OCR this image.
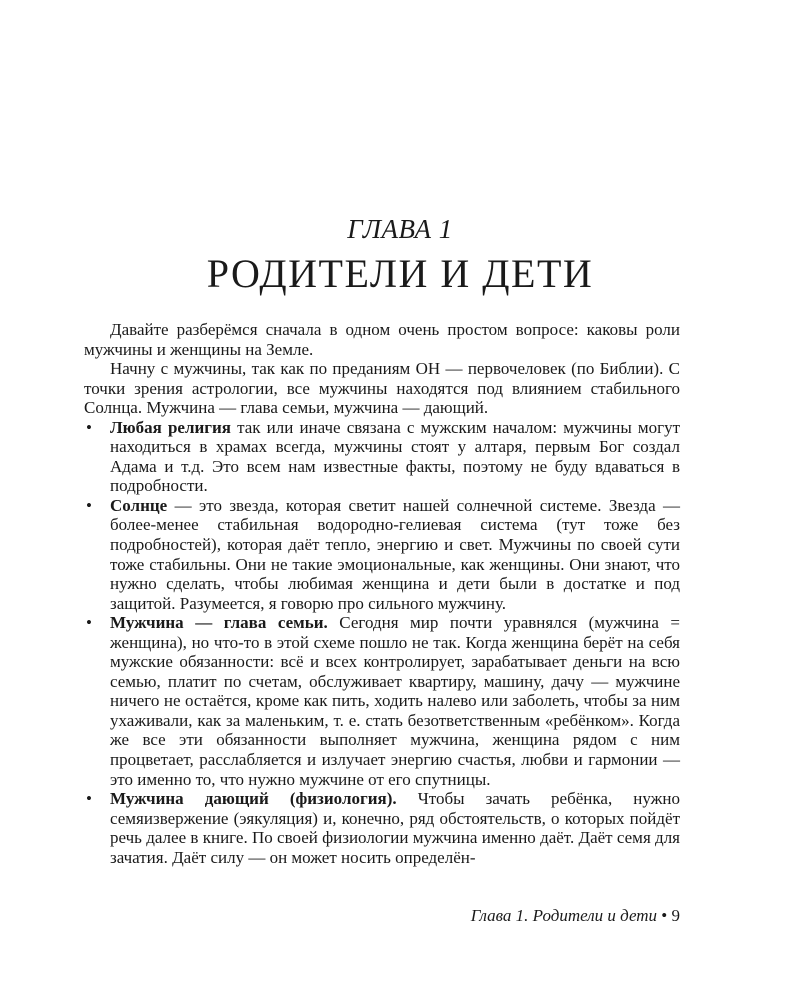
ГЛАВА 1
РОДИТЕЛИ И ДЕТИ

Давайте разберёмся сначала в одном очень простом вопросе: каковы роли мужчины и женщины на Земле.

Начну с мужчины, так как по преданиям ОН — первочеловек (по Библии). С точки зрения астрологии, все мужчины находятся под влиянием стабильного Солнца. Мужчина — глава семьи, мужчина — дающий.

• Любая религия так или иначе связана с мужским началом: мужчины могут находиться в храмах всегда, мужчины стоят у алтаря, первым Бог создал Адама и т.д. Это всем нам известные факты, поэтому не буду вдаваться в подробности.
• Солнце — это звезда, которая светит нашей солнечной системе. Звезда — более-менее стабильная водородно-гелиевая система (тут тоже без подробностей), которая даёт тепло, энергию и свет. Мужчины по своей сути тоже стабильны. Они не такие эмоциональные, как женщины. Они знают, что нужно сделать, чтобы любимая женщина и дети были в достатке и под защитой. Разумеется, я говорю про сильного мужчину.
• Мужчина — глава семьи. Сегодня мир почти уравнялся (мужчина = женщина), но что-то в этой схеме пошло не так. Когда женщина берёт на себя мужские обязанности: всё и всех контролирует, зарабатывает деньги на всю семью, платит по счетам, обслуживает квартиру, машину, дачу — мужчине ничего не остаётся, кроме как пить, ходить налево или заболеть, чтобы за ним ухаживали, как за маленьким, т. е. стать безответственным «ребёнком». Когда же все эти обязанности выполняет мужчина, женщина рядом с ним процветает, расслабляется и излучает энергию счастья, любви и гармонии — это именно то, что нужно мужчине от его спутницы.
• Мужчина дающий (физиология). Чтобы зачать ребёнка, нужно семяизвержение (эякуляция) и, конечно, ряд обстоятельств, о которых пойдёт речь далее в книге. По своей физиологии мужчина именно даёт. Даёт семя для зачатия. Даёт силу — он может носить определён-
Глава 1. Родители и дети • 9
